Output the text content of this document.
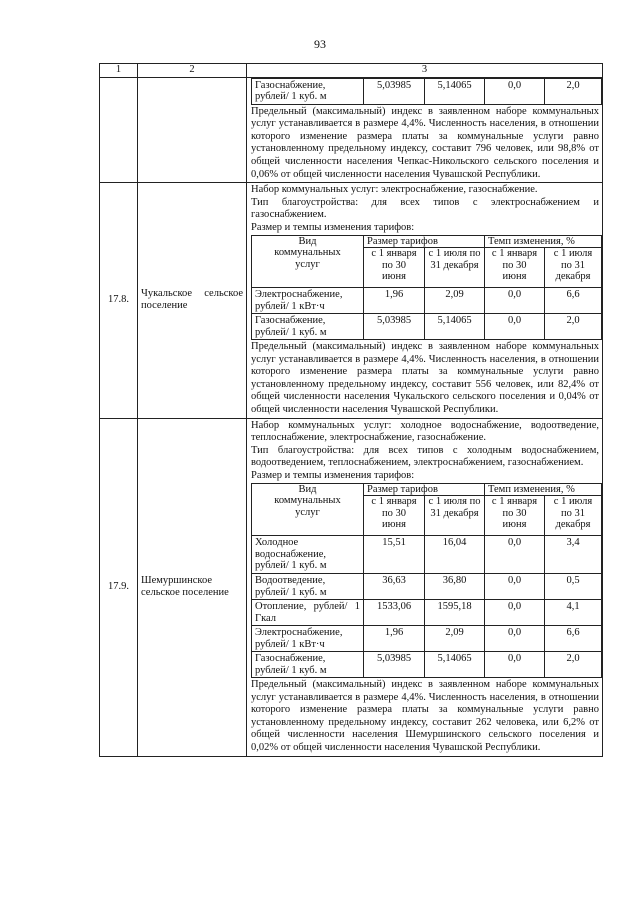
93
1	2	3

Газоснабжение, рублей/ 1 куб. м	5,03985	5,14065	0,0	2,0
Предельный (максимальный) индекс в заявленном наборе коммунальных услуг устанавливается в размере 4,4%. Численность населения, в отношении которого изменение размера платы за коммунальные услуги равно установленному предельному индексу, составит 796 человек, или 98,8% от общей численности населения Чепкас-Никольского сельского поселения и 0,06% от общей численности населения Чувашской Республики.

17.8.	Чукальское сельское поселение	

Набор коммунальных услуг: электроснабжение, газоснабжение.

Тип благоустройства: для всех типов с электроснабжением и газоснабжением.

Размер и темпы изменения тарифов:

Вид коммунальных услуг	Размер тарифов	Темп изменения, %
с 1 января по 30 июня	с 1 июля по 31 декабря	с 1 января по 30 июня	с 1 июля по 31 декабря
Электроснабжение, рублей/ 1 кВт·ч	1,96	2,09	0,0	6,6
Газоснабжение, рублей/ 1 куб. м	5,03985	5,14065	0,0	2,0
Предельный (максимальный) индекс в заявленном наборе коммунальных услуг устанавливается в размере 4,4%. Численность населения, в отношении которого изменение размера платы за коммунальные услуги равно установленному предельному индексу, составит 556 человек, или 82,4% от общей численности населения Чукальского сельского поселения и 0,04% от общей численности населения Чувашской Республики.

17.9.	Шемуршинское сельское поселение	

Набор коммунальных услуг: холодное водоснабжение, водоотведение, теплоснабжение, электроснабжение, газоснабжение.

Тип благоустройства: для всех типов с холодным водоснабжением, водоотведением, теплоснабжением, электроснабжением, газоснабжением.

Размер и темпы изменения тарифов:

Вид коммунальных услуг	Размер тарифов	Темп изменения, %
с 1 января по 30 июня	с 1 июля по 31 декабря	с 1 января по 30 июня	с 1 июля по 31 декабря
Холодное водоснабжение, рублей/ 1 куб. м	15,51	16,04	0,0	3,4
Водоотведение, рублей/ 1 куб. м	36,63	36,80	0,0	0,5
Отопление, рублей/ 1 Гкал	1533,06	1595,18	0,0	4,1
Электроснабжение, рублей/ 1 кВт·ч	1,96	2,09	0,0	6,6
Газоснабжение, рублей/ 1 куб. м	5,03985	5,14065	0,0	2,0
Предельный (максимальный) индекс в заявленном наборе коммунальных услуг устанавливается в размере 4,4%. Численность населения, в отношении которого изменение размера платы за коммунальные услуги равно установленному предельному индексу, составит 262 человека, или 6,2% от общей численности населения Шемуршинского сельского поселения и 0,02% от общей численности населения Чувашской Республики.
